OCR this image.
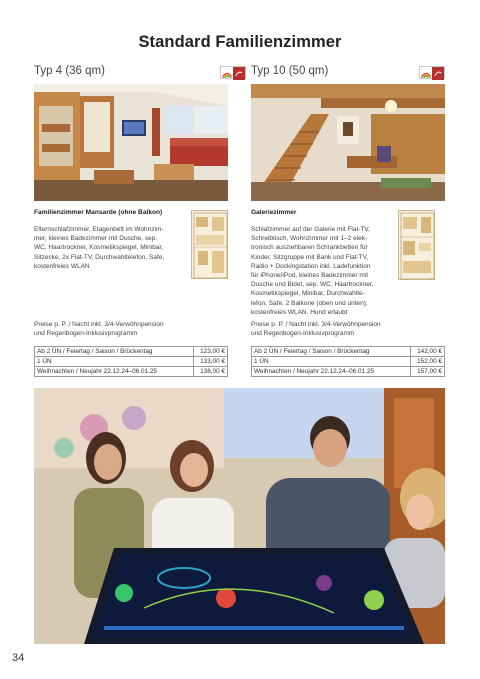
Standard Familienzimmer
Typ 4 (36 qm)
Familienzimmer Mansarde (ohne Balkon)
Elternschlafzimmer, Etagenbett im Wohnzim-
mer, kleines Badezimmer mit Dusche, sep.
WC, Haartrockner, Kosmetikspiegel, Minibar,
Sitzecke, 2x Flat-TV, Durchwahltelefon, Safe,
kostenfreies WLAN
Typ 10 (50 qm)
Galeriezimmer
Schlafzimmer auf der Galerie mit Flat-TV,
Schreibtisch, Wohnzimmer mit 1–2 elek-
tronisch ausziehbaren Schrankbetten für
Kinder, Sitzgruppe mit Bank und Flat-TV,
Radio + Dockingstation inkl. Ladefunktion
für iPhone/iPod, kleines Badezimmer mit
Dusche und Bidet, sep. WC, Haartrockner,
Kosmetikspiegel, Minibar, Durchwahlte-
lefon, Safe, 2 Balkone (oben und unten),
kostenfreies WLAN. Hund erlaubt
Preise p. P. / Nacht inkl. 3/4-Verwöhnpension
und Regenbogen-Inklusivprogramm
Ab 2 ÜN / Feiertag / Saison / Brückentag	123,00 €
1 ÜN	133,00 €
Weihnachten / Neujahr 22.12.24–06.01.25	138,00 €
Preise p. P. / Nacht inkl. 3/4-Verwöhnpension
und Regenbogen-Inklusivprogramm
Ab 2 ÜN / Feiertag / Saison / Brückentag	142,00 €
1 ÜN	152,00 €
Weihnachten / Neujahr 22.12.24–06.01.25	157,00 €
34
